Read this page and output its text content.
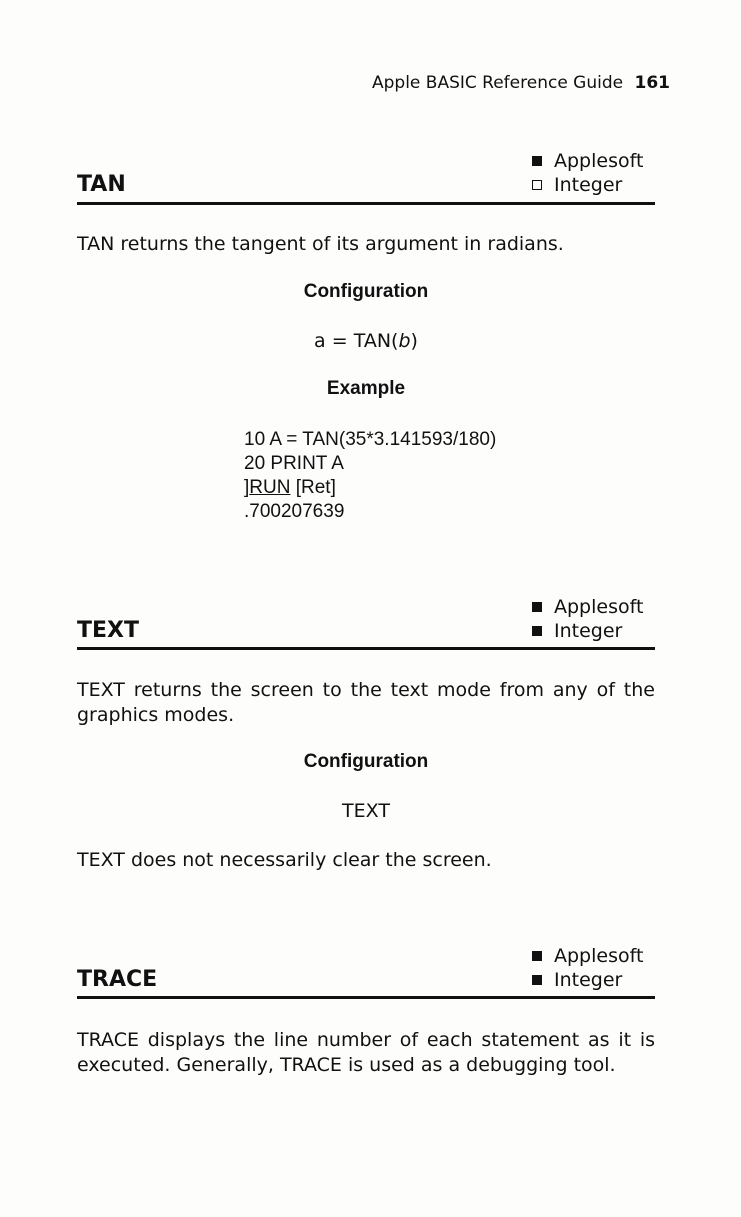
Apple BASIC Reference Guide 161
Applesoft
Integer
TAN
TAN returns the tangent of its argument in radians.
Configuration
a = TAN(b)
Example
10 A = TAN(35*3.141593/180)
20 PRINT A
]RUN [Ret]
.700207639
Applesoft
Integer
TEXT
TEXT returns the screen to the text mode from any of the
graphics modes.
Configuration
TEXT
TEXT does not necessarily clear the screen.
Applesoft
Integer
TRACE
TRACE displays the line number of each statement as it is
executed. Generally, TRACE is used as a debugging tool.
